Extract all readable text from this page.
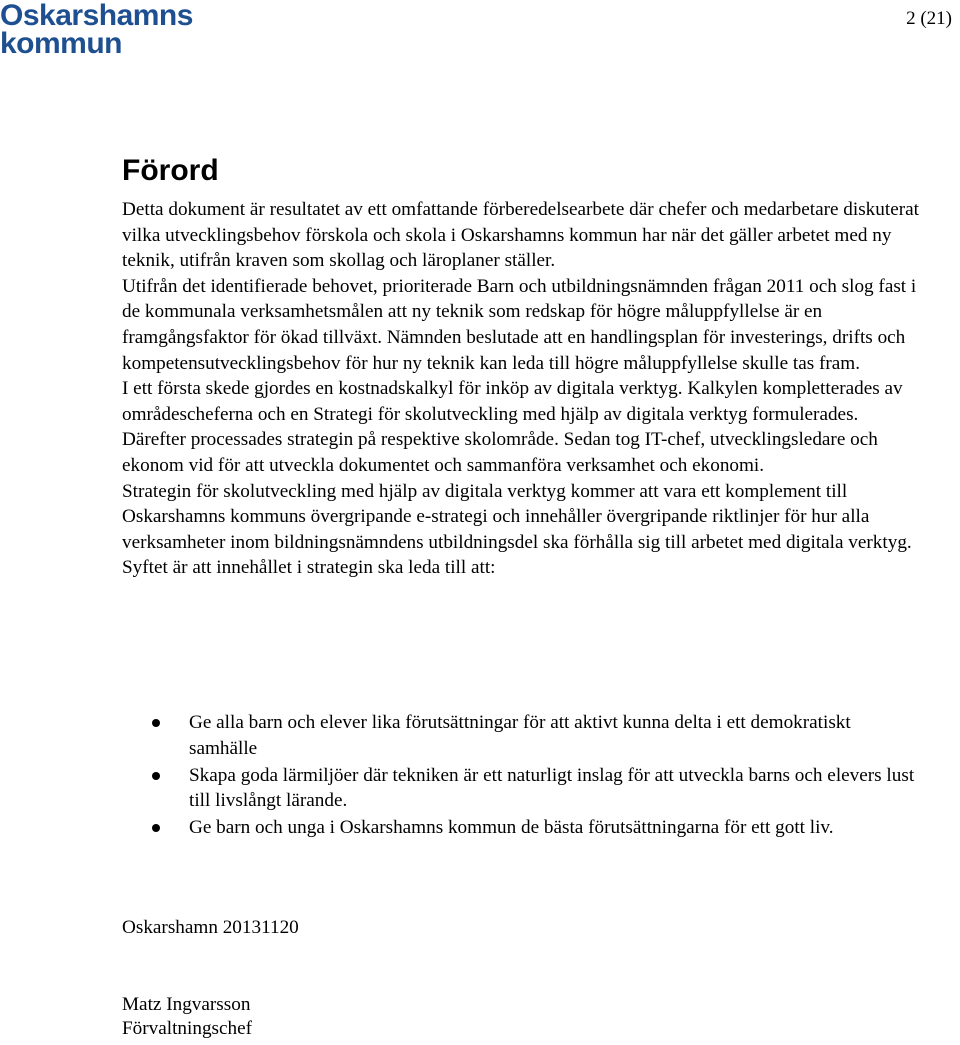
Oskarshamns
kommun
2 (21)
Förord

Detta dokument är resultatet av ett omfattande förberedelsearbete där chefer och medarbetare diskuterat vilka utvecklingsbehov förskola och skola i Oskarshamns kommun har när det gäller arbetet med ny teknik, utifrån kraven som skollag och läroplaner ställer.

Utifrån det identifierade behovet, prioriterade Barn och utbildningsnämnden frågan 2011 och slog fast i de kommunala verksamhetsmålen att ny teknik som redskap för högre måluppfyllelse är en framgångsfaktor för ökad tillväxt. Nämnden beslutade att en handlingsplan för investerings, drifts och kompetensutvecklingsbehov för hur ny teknik kan leda till högre måluppfyllelse skulle tas fram.

I ett första skede gjordes en kostnadskalkyl för inköp av digitala verktyg. Kalkylen kompletterades av områdescheferna och en Strategi för skolutveckling med hjälp av digitala verktyg formulerades. Därefter processades strategin på respektive skolområde. Sedan tog IT-chef, utvecklingsledare och ekonom vid för att utveckla dokumentet och sammanföra verksamhet och ekonomi.

Strategin för skolutveckling med hjälp av digitala verktyg kommer att vara ett komplement till Oskarshamns kommuns övergripande e-strategi och innehåller övergripande riktlinjer för hur alla verksamheter inom bildningsnämndens utbildningsdel ska förhålla sig till arbetet med digitala verktyg.

Syftet är att innehållet i strategin ska leda till att:

Ge alla barn och elever lika förutsättningar för att aktivt kunna delta i ett demokratiskt samhälle
Skapa goda lärmiljöer där tekniken är ett naturligt inslag för att utveckla barns och elevers lust till livslångt lärande.
Ge barn och unga i Oskarshamns kommun de bästa förutsättningarna för ett gott liv.
Oskarshamn 20131120
Matz Ingvarsson
Förvaltningschef
